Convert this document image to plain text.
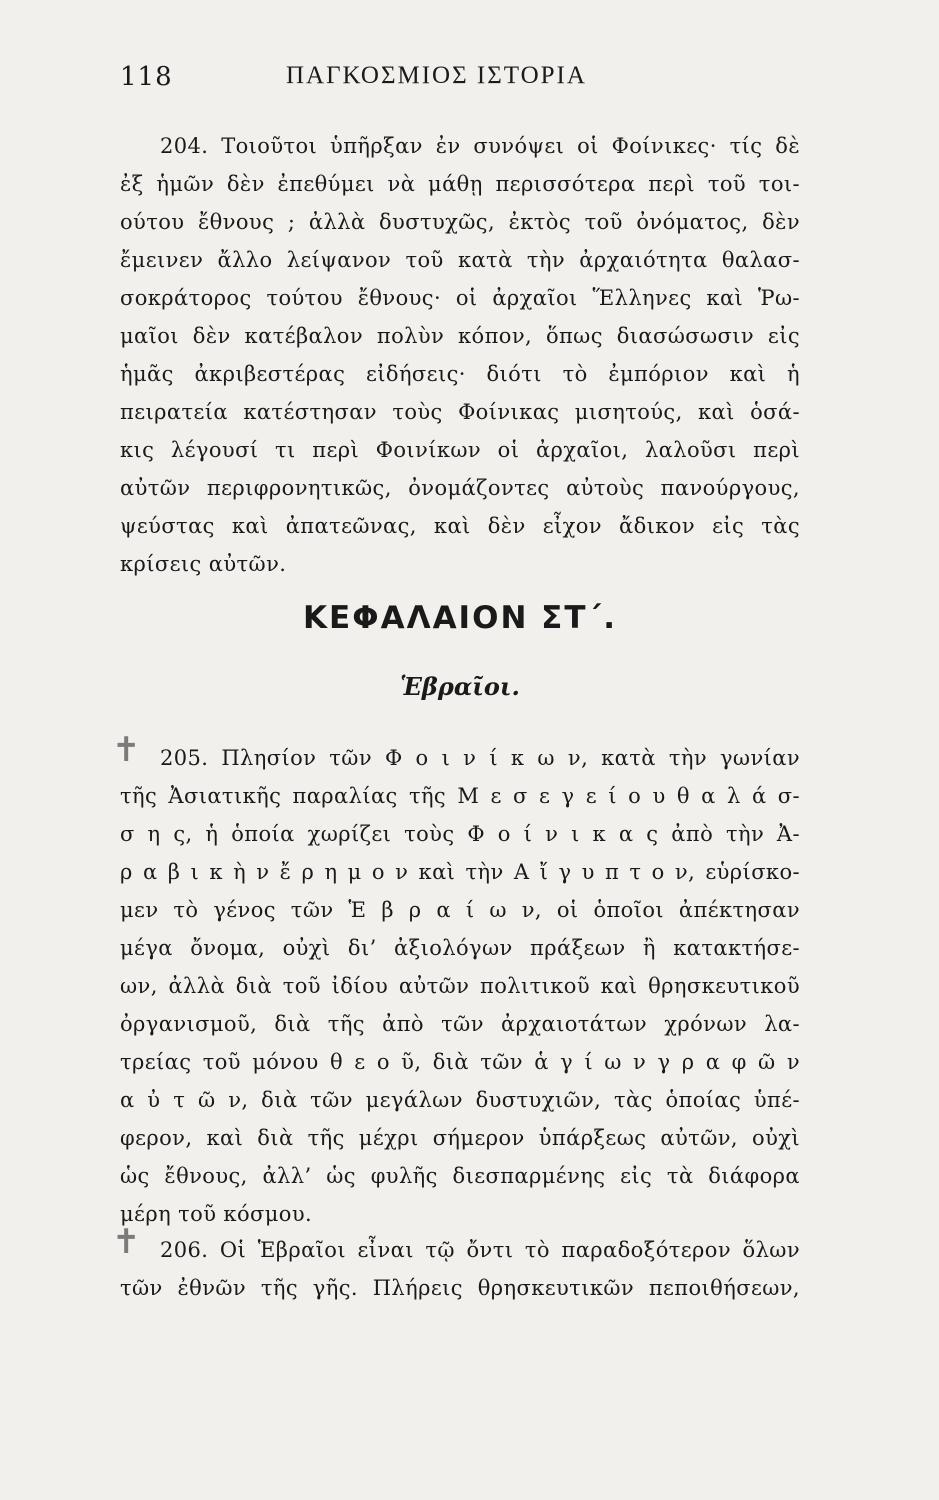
118	ΠΑΓΚΟΣΜΙΟΣ ΙΣΤΟΡΙΑ
204. Τοιοῦτοι ὑπῆρξαν ἐν συνόψει οἱ Φοίνικες· τίς δὲ
ἐξ ἡμῶν δὲν ἐπεθύμει νὰ μάθῃ περισσότερα περὶ τοῦ τοι-
ούτου ἔθνους ; ἀλλὰ δυστυχῶς, ἐκτὸς τοῦ ὀνόματος, δὲν
ἔμεινεν ἄλλο λείψανον τοῦ κατὰ τὴν ἀρχαιότητα θαλασ-
σοκράτορος τούτου ἔθνους· οἱ ἀρχαῖοι Ἕλληνες καὶ Ῥω-
μαῖοι δὲν κατέβαλον πολὺν κόπον, ὅπως διασώσωσιν εἰς
ἡμᾶς ἀκριβεστέρας εἰδήσεις· διότι τὸ ἐμπόριον καὶ ἡ
πειρατεία κατέστησαν τοὺς Φοίνικας μισητούς, καὶ ὁσά-
κις λέγουσί τι περὶ Φοινίκων οἱ ἀρχαῖοι, λαλοῦσι περὶ
αὐτῶν περιφρονητικῶς, ὀνομάζοντες αὐτοὺς πανούργους,
ψεύστας καὶ ἀπατεῶνας, καὶ δὲν εἶχον ἄδικον εἰς τὰς
κρίσεις αὐτῶν.
ΚΕΦΑΛΑΙΟΝ ΣΤ΄.
Ἑβραῖοι.
✝ 205. Πλησίον τῶν Φ ο ι ν ί κ ω ν, κατὰ τὴν γωνίαν
τῆς Ἀσιατικῆς παραλίας τῆς Μ ε σ ε γ ε ί ο υ θ α λ ά σ-
σ η ς, ἡ ὁποία χωρίζει τοὺς Φ ο ί ν ι κ α ς ἀπὸ τὴν Ἀ-
ρ α β ι κ ὴ ν ἔ ρ η μ ο ν καὶ τὴν Α ἴ γ υ π τ ο ν, εὑρίσκο-
μεν τὸ γένος τῶν Ἑ β ρ α ί ω ν, οἱ ὁποῖοι ἀπέκτησαν
μέγα ὄνομα, οὐχὶ δι’ ἀξιολόγων πράξεων ἢ κατακτήσε-
ων, ἀλλὰ διὰ τοῦ ἰδίου αὐτῶν πολιτικοῦ καὶ θρησκευτικοῦ
ὀργανισμοῦ, διὰ τῆς ἀπὸ τῶν ἀρχαιοτάτων χρόνων λα-
τρείας τοῦ μόνου θ ε ο ῦ, διὰ τῶν ἁ γ ί ω ν γ ρ α φ ῶ ν
α ὐ τ ῶ ν, διὰ τῶν μεγάλων δυστυχιῶν, τὰς ὁποίας ὑπέ-
φερον, καὶ διὰ τῆς μέχρι σήμερον ὑπάρξεως αὐτῶν, οὐχὶ
ὡς ἔθνους, ἀλλ’ ὡς φυλῆς διεσπαρμένης εἰς τὰ διάφορα
μέρη τοῦ κόσμου.
✝ 206. Οἱ Ἑβραῖοι εἶναι τῷ ὄντι τὸ παραδοξότερον ὅλων
τῶν ἐθνῶν τῆς γῆς. Πλήρεις θρησκευτικῶν πεποιθήσεων,
